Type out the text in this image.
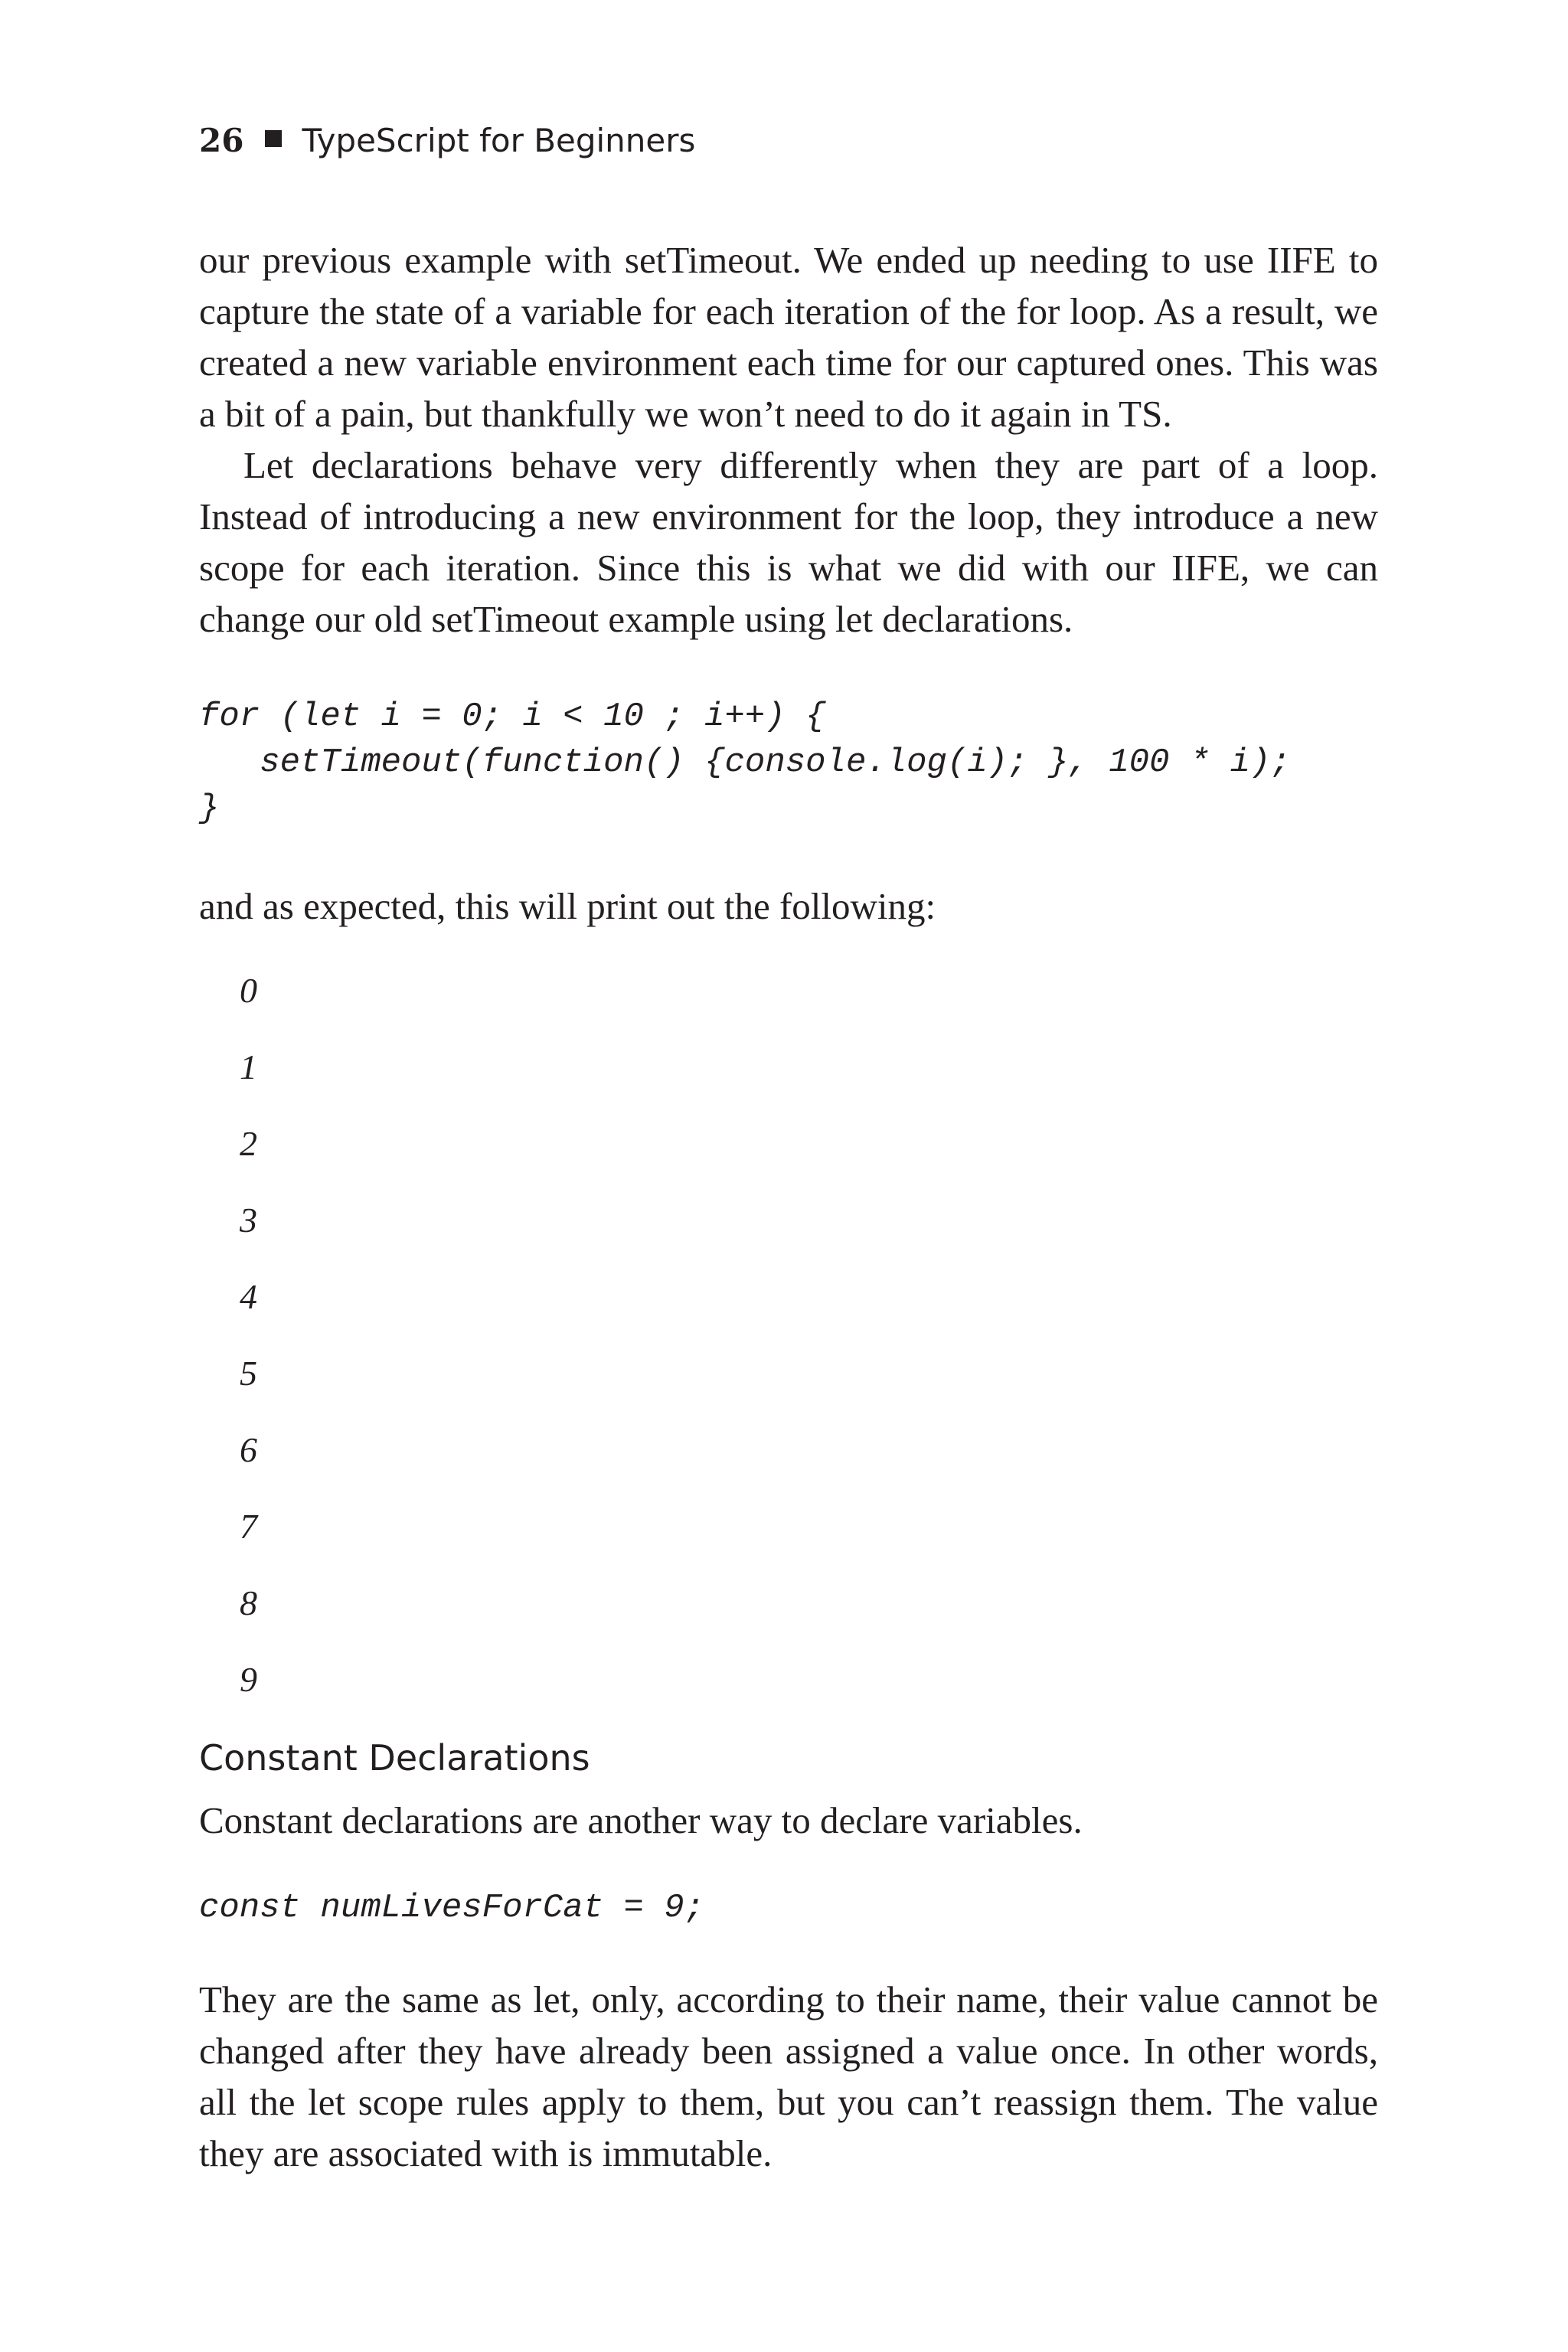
26 TypeScript for Beginners

our previous example with setTimeout. We ended up needing to use IIFE to capture the state of a variable for each iteration of the for loop. As a result, we created a new variable environment each time for our captured ones. This was a bit of a pain, but thankfully we won’t need to do it again in TS.

Let declarations behave very differently when they are part of a loop. Instead of introducing a new environment for the loop, they introduce a new scope for each iteration. Since this is what we did with our IIFE, we can change our old setTimeout example using let declarations.

for (let i = 0; i < 10 ; i++) {
setTimeout(function() {console.log(i); }, 100 * i);
}
and as expected, this will print out the following:
0
1
2
3
4
5
6
7
8
9
Constant Declarations
Constant declarations are another way to declare variables.
const numLivesForCat = 9;

They are the same as let, only, according to their name, their value cannot be changed after they have already been assigned a value once. In other words, all the let scope rules apply to them, but you can’t reassign them. The value they are associated with is immutable.
